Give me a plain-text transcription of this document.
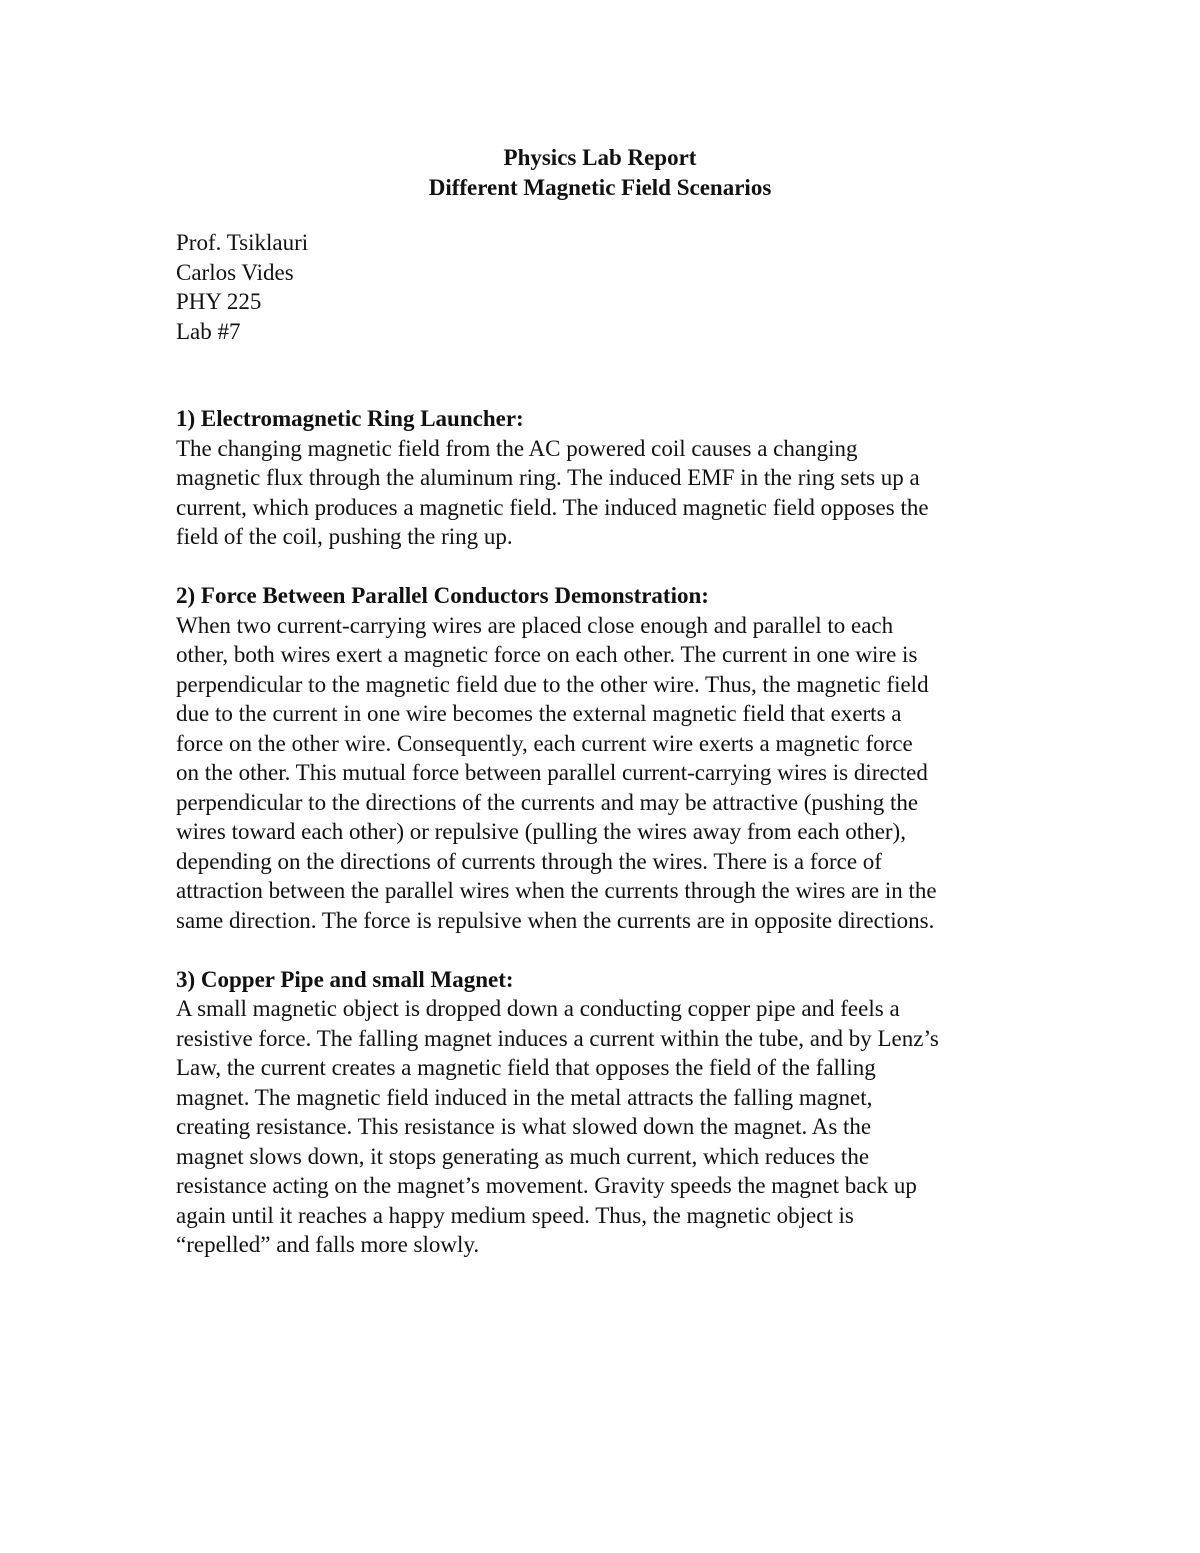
Physics Lab Report
Different Magnetic Field Scenarios
Prof. Tsiklauri
Carlos Vides
PHY 225
Lab #7
1) Electromagnetic Ring Launcher:
The changing magnetic field from the AC powered coil causes a changing
magnetic flux through the aluminum ring. The induced EMF in the ring sets up a
current, which produces a magnetic field. The induced magnetic field opposes the
field of the coil, pushing the ring up.
2) Force Between Parallel Conductors Demonstration:
When two current-carrying wires are placed close enough and parallel to each
other, both wires exert a magnetic force on each other. The current in one wire is
perpendicular to the magnetic field due to the other wire. Thus, the magnetic field
due to the current in one wire becomes the external magnetic field that exerts a
force on the other wire. Consequently, each current wire exerts a magnetic force
on the other. This mutual force between parallel current-carrying wires is directed
perpendicular to the directions of the currents and may be attractive (pushing the
wires toward each other) or repulsive (pulling the wires away from each other),
depending on the directions of currents through the wires. There is a force of
attraction between the parallel wires when the currents through the wires are in the
same direction. The force is repulsive when the currents are in opposite directions.
3) Copper Pipe and small Magnet:
A small magnetic object is dropped down a conducting copper pipe and feels a
resistive force. The falling magnet induces a current within the tube, and by Lenz’s
Law, the current creates a magnetic field that opposes the field of the falling
magnet. The magnetic field induced in the metal attracts the falling magnet,
creating resistance. This resistance is what slowed down the magnet. As the
magnet slows down, it stops generating as much current, which reduces the
resistance acting on the magnet’s movement. Gravity speeds the magnet back up
again until it reaches a happy medium speed. Thus, the magnetic object is
“repelled” and falls more slowly.
